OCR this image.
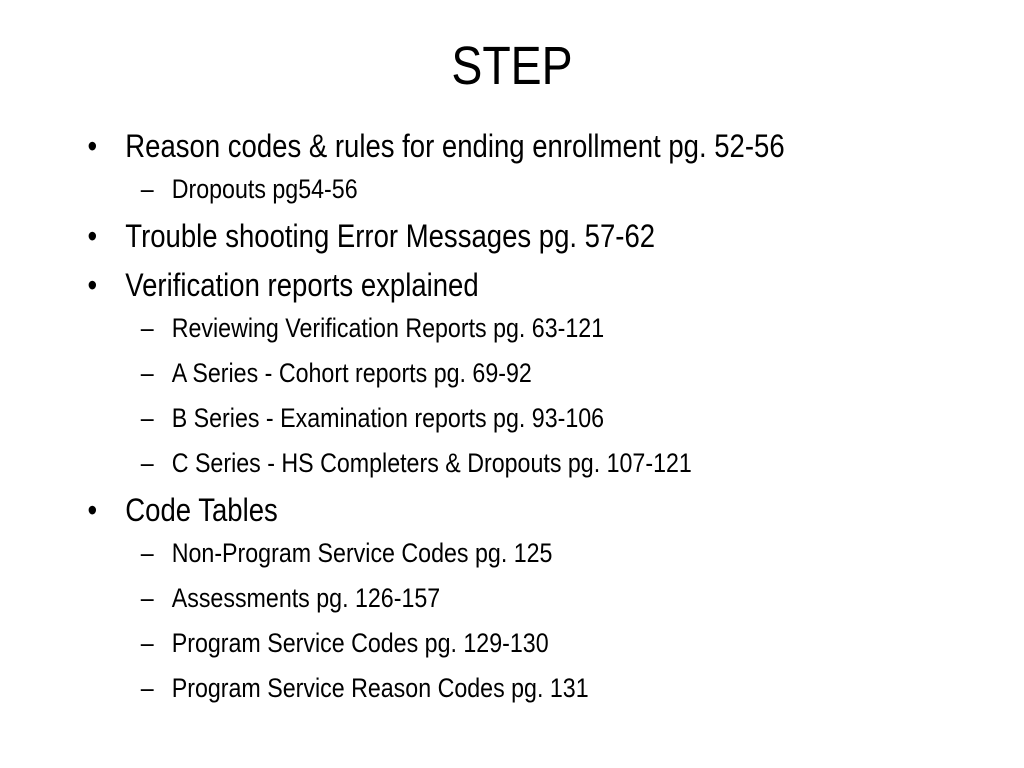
STEP
• Reason codes & rules for ending enrollment pg. 52-56
– Dropouts pg54-56
• Trouble shooting Error Messages pg. 57-62
• Verification reports explained
– Reviewing Verification Reports pg. 63-121
– A Series - Cohort reports pg. 69-92
– B Series - Examination reports pg. 93-106
– C Series - HS Completers & Dropouts pg. 107-121
• Code Tables
– Non-Program Service Codes pg. 125
– Assessments pg. 126-157
– Program Service Codes pg. 129-130
– Program Service Reason Codes pg. 131
